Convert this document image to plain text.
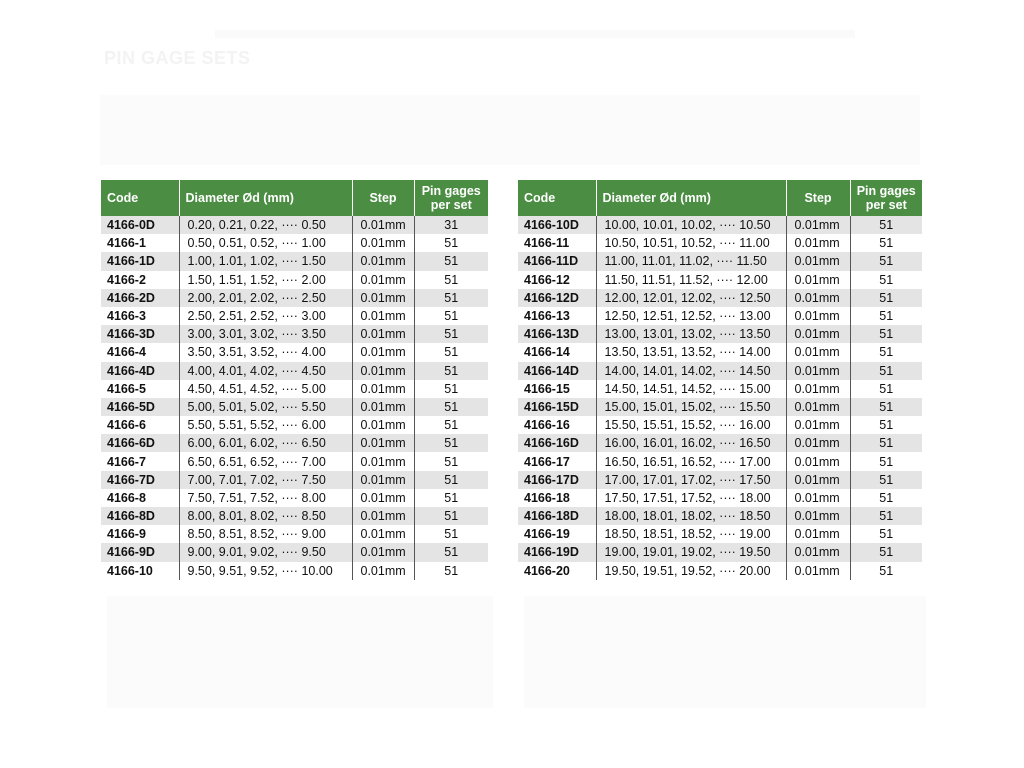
PIN GAGE SETS
Code	Diameter Ød (mm)	Step	Pin gages per set
4166-0D	0.20, 0.21, 0.22, ···· 0.50	0.01mm	31
4166-1	0.50, 0.51, 0.52, ···· 1.00	0.01mm	51
4166-1D	1.00, 1.01, 1.02, ···· 1.50	0.01mm	51
4166-2	1.50, 1.51, 1.52, ···· 2.00	0.01mm	51
4166-2D	2.00, 2.01, 2.02, ···· 2.50	0.01mm	51
4166-3	2.50, 2.51, 2.52, ···· 3.00	0.01mm	51
4166-3D	3.00, 3.01, 3.02, ···· 3.50	0.01mm	51
4166-4	3.50, 3.51, 3.52, ···· 4.00	0.01mm	51
4166-4D	4.00, 4.01, 4.02, ···· 4.50	0.01mm	51
4166-5	4.50, 4.51, 4.52, ···· 5.00	0.01mm	51
4166-5D	5.00, 5.01, 5.02, ···· 5.50	0.01mm	51
4166-6	5.50, 5.51, 5.52, ···· 6.00	0.01mm	51
4166-6D	6.00, 6.01, 6.02, ···· 6.50	0.01mm	51
4166-7	6.50, 6.51, 6.52, ···· 7.00	0.01mm	51
4166-7D	7.00, 7.01, 7.02, ···· 7.50	0.01mm	51
4166-8	7.50, 7.51, 7.52, ···· 8.00	0.01mm	51
4166-8D	8.00, 8.01, 8.02, ···· 8.50	0.01mm	51
4166-9	8.50, 8.51, 8.52, ···· 9.00	0.01mm	51
4166-9D	9.00, 9.01, 9.02, ···· 9.50	0.01mm	51
4166-10	9.50, 9.51, 9.52, ···· 10.00	0.01mm	51
Code	Diameter Ød (mm)	Step	Pin gages per set
4166-10D	10.00, 10.01, 10.02, ···· 10.50	0.01mm	51
4166-11	10.50, 10.51, 10.52, ···· 11.00	0.01mm	51
4166-11D	11.00, 11.01, 11.02, ···· 11.50	0.01mm	51
4166-12	11.50, 11.51, 11.52, ···· 12.00	0.01mm	51
4166-12D	12.00, 12.01, 12.02, ···· 12.50	0.01mm	51
4166-13	12.50, 12.51, 12.52, ···· 13.00	0.01mm	51
4166-13D	13.00, 13.01, 13.02, ···· 13.50	0.01mm	51
4166-14	13.50, 13.51, 13.52, ···· 14.00	0.01mm	51
4166-14D	14.00, 14.01, 14.02, ···· 14.50	0.01mm	51
4166-15	14.50, 14.51, 14.52, ···· 15.00	0.01mm	51
4166-15D	15.00, 15.01, 15.02, ···· 15.50	0.01mm	51
4166-16	15.50, 15.51, 15.52, ···· 16.00	0.01mm	51
4166-16D	16.00, 16.01, 16.02, ···· 16.50	0.01mm	51
4166-17	16.50, 16.51, 16.52, ···· 17.00	0.01mm	51
4166-17D	17.00, 17.01, 17.02, ···· 17.50	0.01mm	51
4166-18	17.50, 17.51, 17.52, ···· 18.00	0.01mm	51
4166-18D	18.00, 18.01, 18.02, ···· 18.50	0.01mm	51
4166-19	18.50, 18.51, 18.52, ···· 19.00	0.01mm	51
4166-19D	19.00, 19.01, 19.02, ···· 19.50	0.01mm	51
4166-20	19.50, 19.51, 19.52, ···· 20.00	0.01mm	51
